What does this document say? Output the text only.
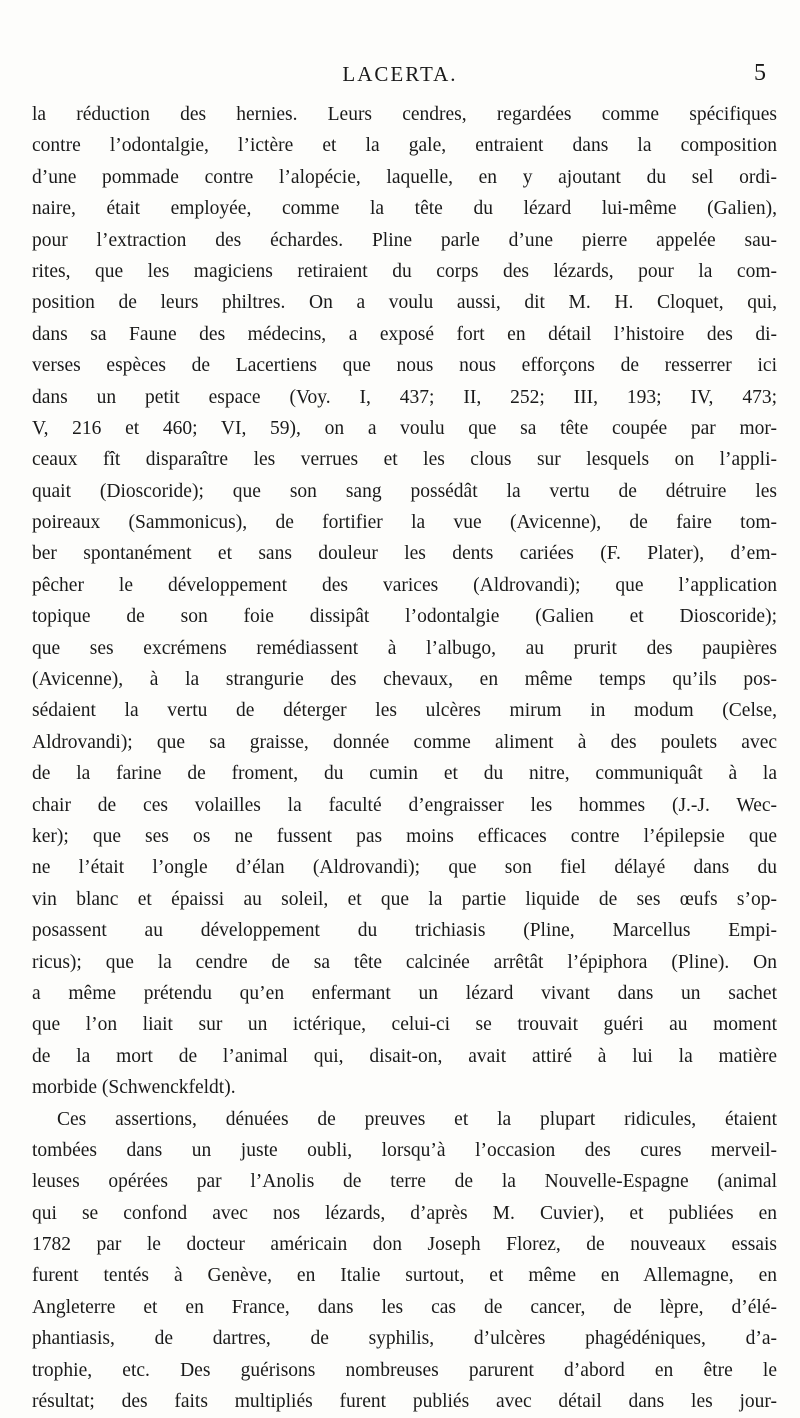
LACERTA.	5
la réduction des hernies. Leurs cendres, regardées comme spécifiques
contre l’odontalgie, l’ictère et la gale, entraient dans la composition
d’une pommade contre l’alopécie, laquelle, en y ajoutant du sel ordi-
naire, était employée, comme la tête du lézard lui-même (Galien),
pour l’extraction des échardes. Pline parle d’une pierre appelée sau-
rites, que les magiciens retiraient du corps des lézards, pour la com-
position de leurs philtres. On a voulu aussi, dit M. H. Cloquet, qui,
dans sa Faune des médecins, a exposé fort en détail l’histoire des di-
verses espèces de Lacertiens que nous nous efforçons de resserrer ici
dans un petit espace (Voy. I, 437; II, 252; III, 193; IV, 473;
V, 216 et 460; VI, 59), on a voulu que sa tête coupée par mor-
ceaux fît disparaître les verrues et les clous sur lesquels on l’appli-
quait (Dioscoride); que son sang possédât la vertu de détruire les
poireaux (Sammonicus), de fortifier la vue (Avicenne), de faire tom-
ber spontanément et sans douleur les dents cariées (F. Plater), d’em-
pêcher le développement des varices (Aldrovandi); que l’application
topique de son foie dissipât l’odontalgie (Galien et Dioscoride);
que ses excrémens remédiassent à l’albugo, au prurit des paupières
(Avicenne), à la strangurie des chevaux, en même temps qu’ils pos-
sédaient la vertu de déterger les ulcères mirum in modum (Celse,
Aldrovandi); que sa graisse, donnée comme aliment à des poulets avec
de la farine de froment, du cumin et du nitre, communiquât à la
chair de ces volailles la faculté d’engraisser les hommes (J.-J. Wec-
ker); que ses os ne fussent pas moins efficaces contre l’épilepsie que
ne l’était l’ongle d’élan (Aldrovandi); que son fiel délayé dans du
vin blanc et épaissi au soleil, et que la partie liquide de ses œufs s’op-
posassent au développement du trichiasis (Pline, Marcellus Empi-
ricus); que la cendre de sa tête calcinée arrêtât l’épiphora (Pline). On
a même prétendu qu’en enfermant un lézard vivant dans un sachet
que l’on liait sur un ictérique, celui-ci se trouvait guéri au moment
de la mort de l’animal qui, disait-on, avait attiré à lui la matière
morbide (Schwenckfeldt).
Ces assertions, dénuées de preuves et la plupart ridicules, étaient
tombées dans un juste oubli, lorsqu’à l’occasion des cures merveil-
leuses opérées par l’Anolis de terre de la Nouvelle-Espagne (animal
qui se confond avec nos lézards, d’après M. Cuvier), et publiées en
1782 par le docteur américain don Joseph Florez, de nouveaux essais
furent tentés à Genève, en Italie surtout, et même en Allemagne, en
Angleterre et en France, dans les cas de cancer, de lèpre, d’élé-
phantiasis, de dartres, de syphilis, d’ulcères phagédéniques, d’a-
trophie, etc. Des guérisons nombreuses parurent d’abord en être le
résultat; des faits multipliés furent publiés avec détail dans les jour-
